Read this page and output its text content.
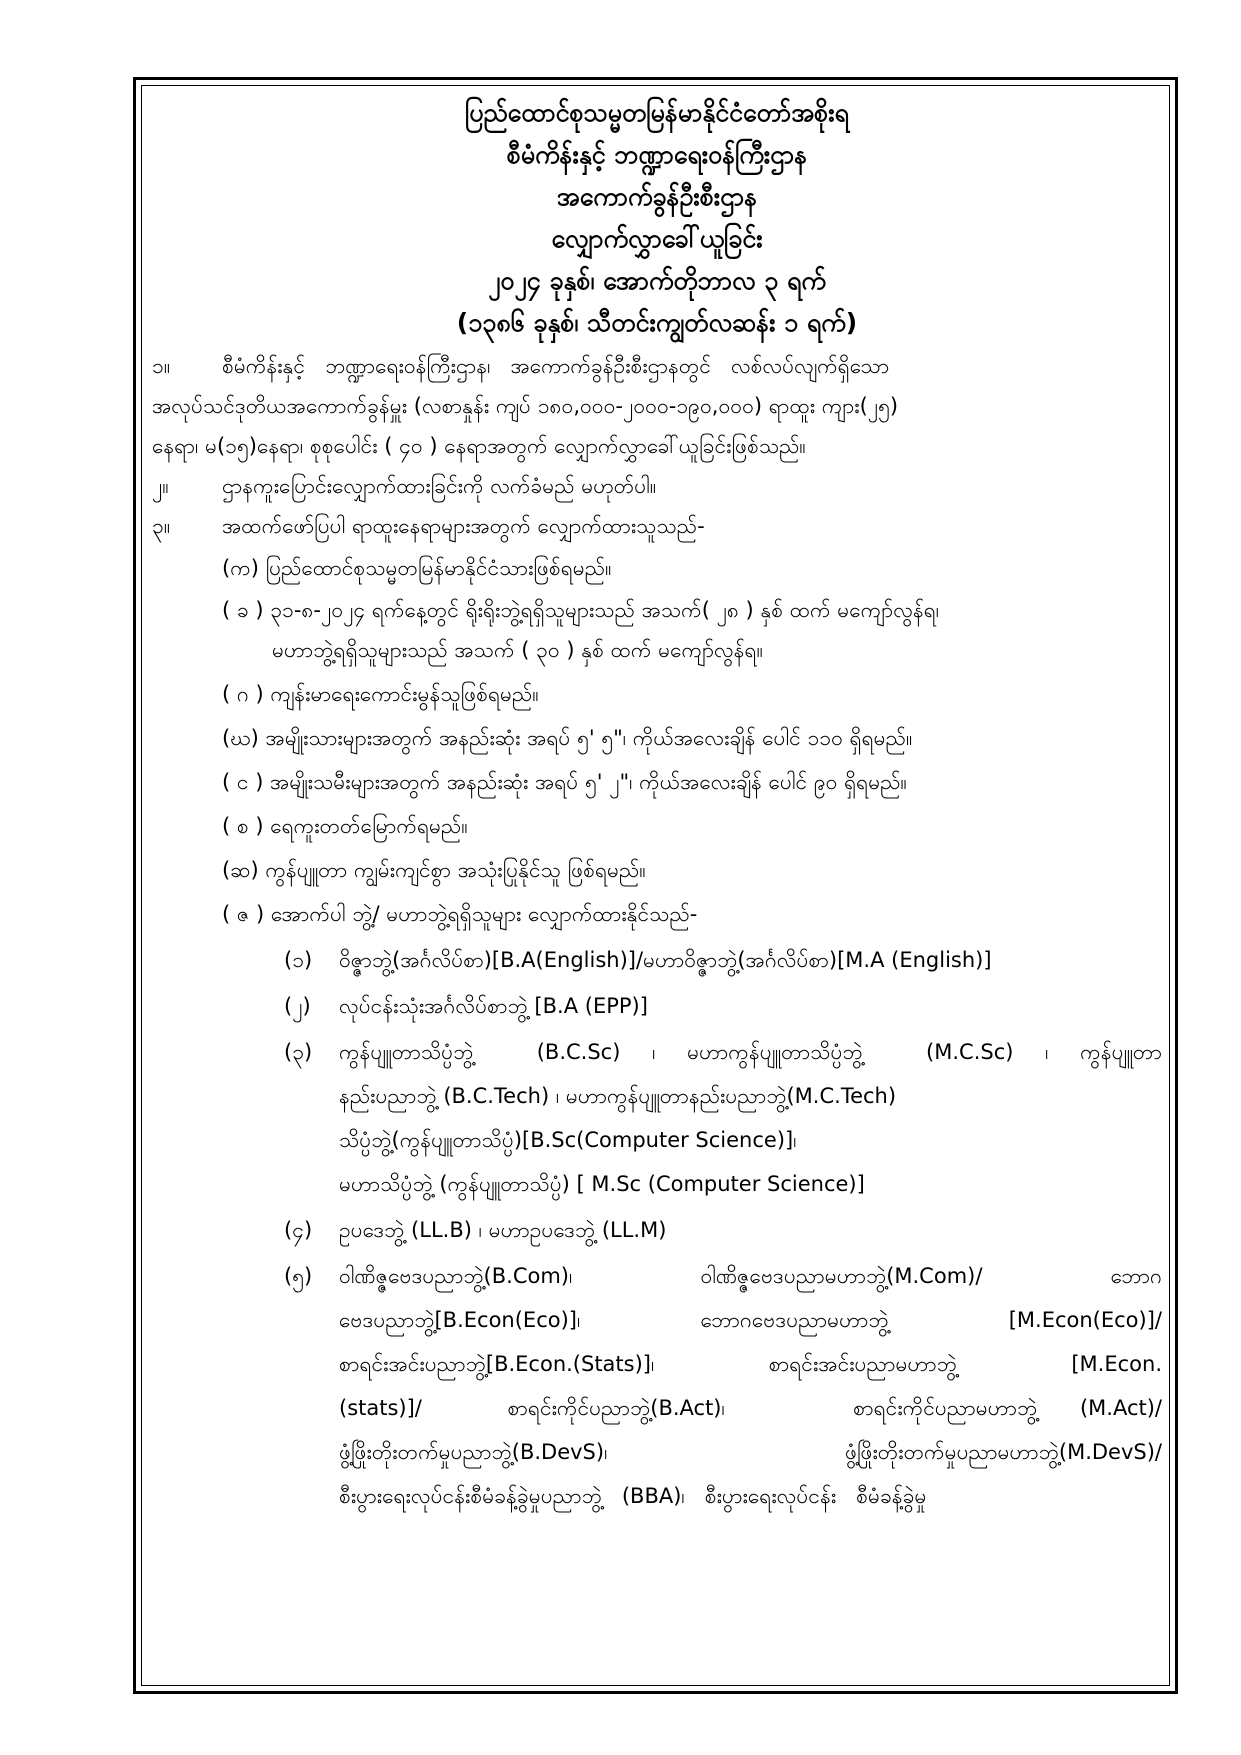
ပြည်ထောင်စုသမ္မတမြန်မာနိုင်ငံတော်အစိုးရ
စီမံကိန်းနှင့် ဘဏ္ဍာရေးဝန်ကြီးဌာန
အကောက်ခွန်ဦးစီးဌာန
လျှောက်လွှာခေါ်ယူခြင်း
၂၀၂၄ ခုနှစ်၊ အောက်တိုဘာလ ၃ ရက်
(၁၃၈၆ ခုနှစ်၊ သီတင်းကျွတ်လဆန်း ၁ ရက်)
၁။	စီမံကိန်းနှင့်   ဘဏ္ဍာရေးဝန်ကြီးဌာန၊   အကောက်ခွန်ဦးစီးဌာနတွင်   လစ်လပ်လျက်ရှိသော
အလုပ်သင်ဒုတိယအကောက်ခွန်မှူး (လစာနှုန်း ကျပ် ၁၈၀,၀၀၀-၂၀၀၀-၁၉၀,၀၀၀) ရာထူး ကျား(၂၅)
နေရာ၊ မ(၁၅)နေရာ၊ စုစုပေါင်း ( ၄၀ ) နေရာအတွက် လျှောက်လွှာခေါ်ယူခြင်းဖြစ်သည်။
၂။	ဌာနကူးပြောင်းလျှောက်ထားခြင်းကို လက်ခံမည် မဟုတ်ပါ။
၃။	အထက်ဖော်ပြပါ ရာထူးနေရာများအတွက် လျှောက်ထားသူသည်-
(က) ပြည်ထောင်စုသမ္မတမြန်မာနိုင်ငံသားဖြစ်ရမည်။
( ခ ) ၃၁-၈-၂၀၂၄ ရက်နေ့တွင် ရိုးရိုးဘွဲ့ရရှိသူများသည် အသက်( ၂၈ ) နှစ် ထက် မကျော်လွန်ရ၊
မဟာဘွဲ့ရရှိသူများသည် အသက် ( ၃၀ ) နှစ် ထက် မကျော်လွန်ရ။
( ဂ ) ကျန်းမာရေးကောင်းမွန်သူဖြစ်ရမည်။
(ဃ) အမျိုးသားများအတွက် အနည်းဆုံး အရပ် ၅' ၅"၊ ကိုယ်အလေးချိန် ပေါင် ၁၁၀ ရှိရမည်။
( င ) အမျိုးသမီးများအတွက် အနည်းဆုံး အရပ် ၅' ၂"၊ ကိုယ်အလေးချိန် ပေါင် ၉၀ ရှိရမည်။
( စ ) ရေကူးတတ်မြောက်ရမည်။
(ဆ) ကွန်ပျူတာ ကျွမ်းကျင်စွာ အသုံးပြုနိုင်သူ ဖြစ်ရမည်။
( ဇ ) အောက်ပါ ဘွဲ့/ မဟာဘွဲ့ရရှိသူများ လျှောက်ထားနိုင်သည်-
(၁)	ဝိဇ္ဇာဘွဲ့(အင်္ဂလိပ်စာ)[B.A(English)]/မဟာဝိဇ္ဇာဘွဲ့(အင်္ဂလိပ်စာ)[M.A (English)]
(၂)	လုပ်ငန်းသုံးအင်္ဂလိပ်စာဘွဲ့ [B.A (EPP)]
(၃)	ကွန်ပျူတာသိပ္ပံဘွဲ့  (B.C.Sc) ၊ မဟာကွန်ပျူတာသိပ္ပံဘွဲ့  (M.C.Sc) ၊ ကွန်ပျူတာ
နည်းပညာဘွဲ့ (B.C.Tech) ၊ မဟာကွန်ပျူတာနည်းပညာဘွဲ့(M.C.Tech)
သိပ္ပံဘွဲ့(ကွန်ပျူတာသိပ္ပံ)[B.Sc(Computer Science)]၊
မဟာသိပ္ပံဘွဲ့ (ကွန်ပျူတာသိပ္ပံ) [ M.Sc (Computer Science)]
(၄)	ဥပဒေဘွဲ့ (LL.B) ၊ မဟာဥပဒေဘွဲ့ (LL.M)
(၅)	ဝါဏိဇ္ဇဗေဒပညာဘွဲ့(B.Com)၊   ဝါဏိဇ္ဇဗေဒပညာမဟာဘွဲ့(M.Com)/   ဘောဂ
ဗေဒပညာဘွဲ့[B.Econ(Eco)]၊   ဘောဂဗေဒပညာမဟာဘွဲ့   [M.Econ(Eco)]/
စာရင်းအင်းပညာဘွဲ့[B.Econ.(Stats)]၊   စာရင်းအင်းပညာမဟာဘွဲ့   [M.Econ.
(stats)]/  စာရင်းကိုင်ပညာဘွဲ့(B.Act)၊   စာရင်းကိုင်ပညာမဟာဘွဲ့ (M.Act)/
ဖွံ့ဖြိုးတိုးတက်မှုပညာဘွဲ့(B.DevS)၊  ဖွံ့ဖြိုးတိုးတက်မှုပညာမဟာဘွဲ့(M.DevS)/
စီးပွားရေးလုပ်ငန်းစီမံခန့်ခွဲမှုပညာဘွဲ့   (BBA)၊   စီးပွားရေးလုပ်ငန်း   စီမံခန့်ခွဲမှု
